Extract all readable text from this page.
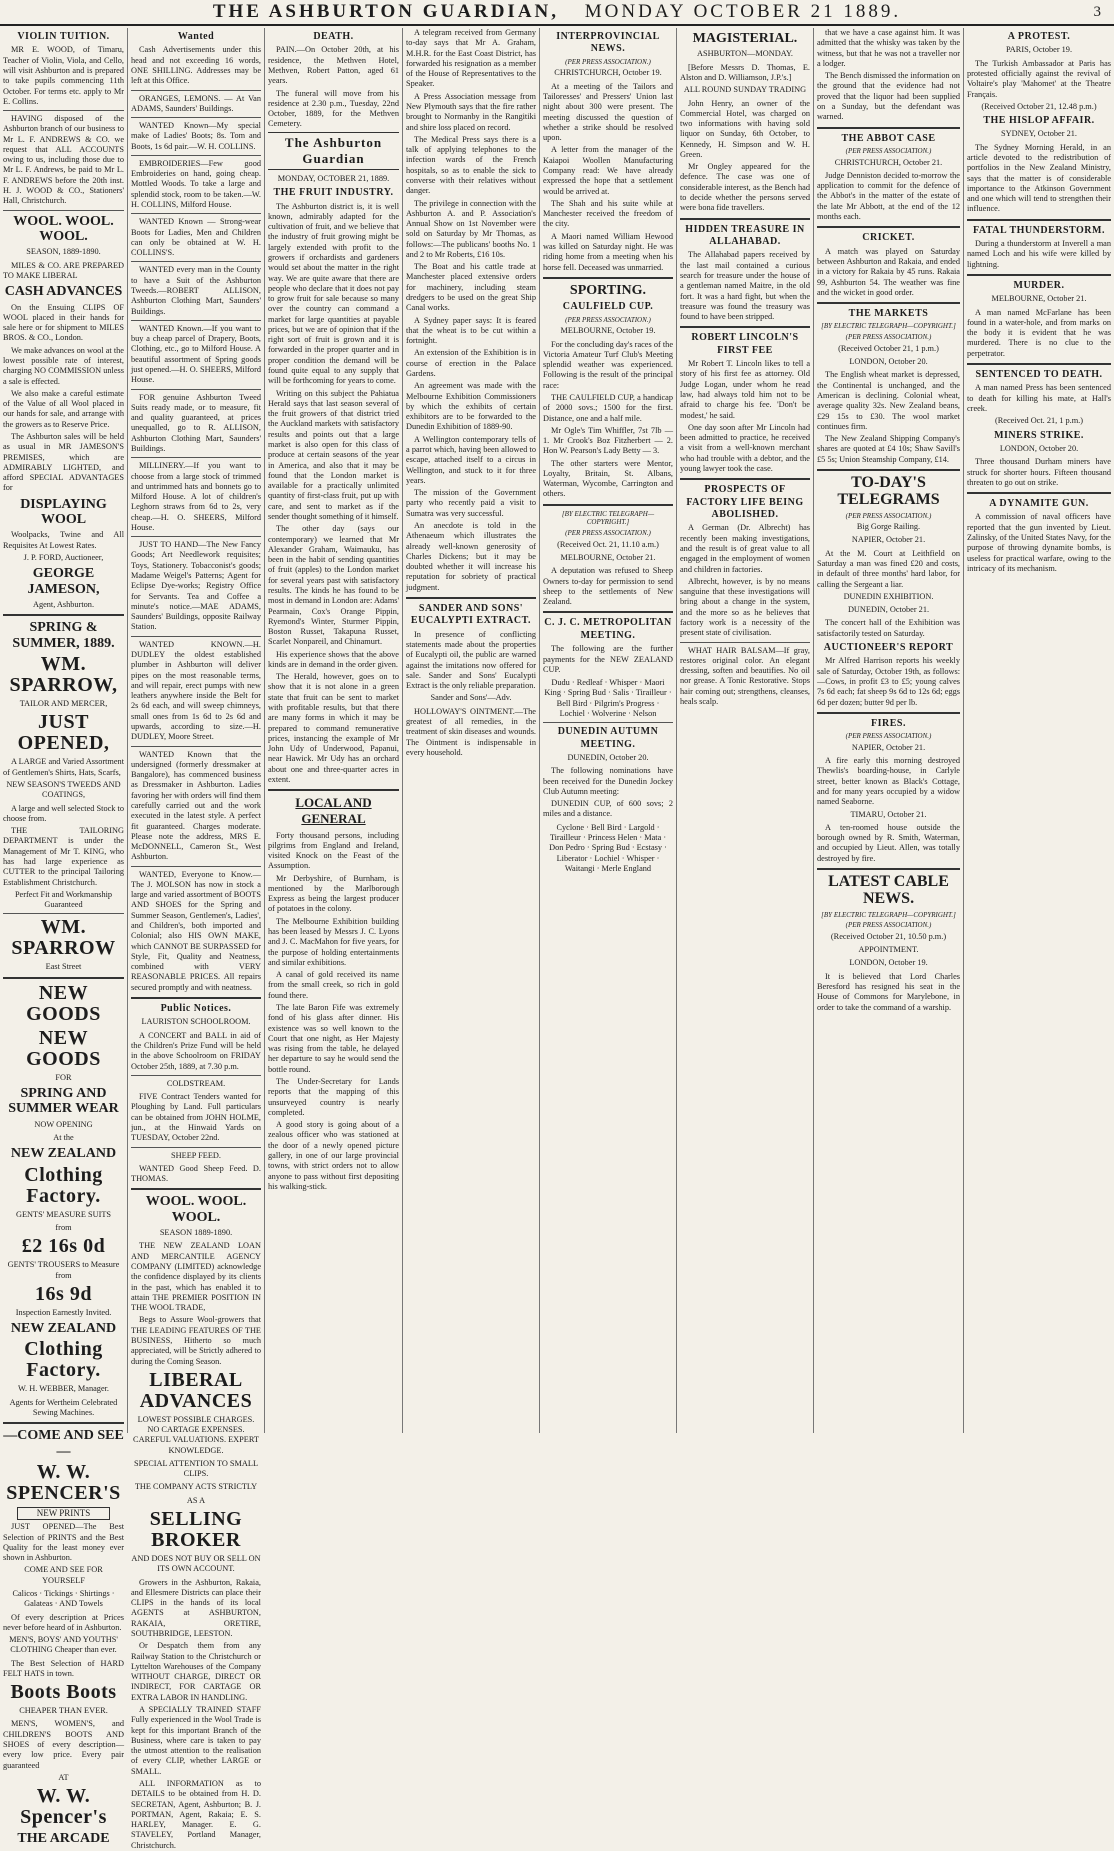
THE ASHBURTON GUARDIAN, MONDAY OCTOBER 21 1889.	3
VIOLIN TUITION.
MR E. WOOD, of Timaru, Teacher of Violin, Viola, and Cello, will visit Ashburton and is prepared to take pupils commencing 11th October. For terms etc. apply to Mr E. Collins.
HAVING disposed of the Ashburton branch of our business to Mr L. F. ANDREWS & CO. we request that ALL ACCOUNTS owing to us, including those due to Mr L. F. Andrews, be paid to Mr L. F. ANDREWS before the 20th inst. H. J. WOOD & CO., Stationers' Hall, Christchurch.
WOOL. WOOL. WOOL.
SEASON, 1889-1890.
MILES & CO. ARE PREPARED TO MAKE LIBERAL
CASH ADVANCES
On the Ensuing CLIPS OF WOOL placed in their hands for sale here or for shipment to MILES BROS. & CO., London.
We make advances on wool at the lowest possible rate of interest, charging NO COMMISSION unless a sale is effected.
We also make a careful estimate of the Value of all Wool placed in our hands for sale, and arrange with the growers as to Reserve Price.
The Ashburton sales will be held as usual in MR JAMESON'S PREMISES, which are ADMIRABLY LIGHTED, and afford SPECIAL ADVANTAGES for
DISPLAYING WOOL
Woolpacks, Twine and All Requisites At Lowest Rates.
J. P. FORD, Auctioneer,
GEORGE JAMESON,
Agent, Ashburton.
SPRING & SUMMER, 1889.
WM. SPARROW,
TAILOR AND MERCER,
JUST OPENED,
A LARGE and Varied Assortment of Gentlemen's Shirts, Hats, Scarfs,
NEW SEASON'S TWEEDS AND COATINGS,
A large and well selected Stock to choose from.
THE TAILORING DEPARTMENT is under the Management of Mr T. KING, who has had large experience as CUTTER to the principal Tailoring Establishment Christchurch.
Perfect Fit and Workmanship Guaranteed
WM. SPARROW
East Street
NEW GOODS
NEW GOODS
FOR
SPRING AND SUMMER WEAR
NOW OPENING
At the
NEW ZEALAND
Clothing Factory.
GENTS' MEASURE SUITS
from
£2 16s 0d
GENTS' TROUSERS to Measure from
16s 9d
Inspection Earnestly Invited.
NEW ZEALAND
Clothing Factory.
W. H. WEBBER, Manager.
Agents for Wertheim Celebrated Sewing Machines.
—COME AND SEE—
W. W. SPENCER'S
NEW PRINTS
JUST OPENED—The Best Selection of PRINTS and the Best Quality for the least money ever shown in Ashburton.
COME AND SEE FOR YOURSELF
Calicos · Tickings · Shirtings · Galateas · AND Towels
Of every description at Prices never before heard of in Ashburton.
MEN'S, BOYS' AND YOUTHS' CLOTHING Cheaper than ever.
The Best Selection of HARD FELT HATS in town.
Boots Boots
CHEAPER THAN EVER.
MEN'S, WOMEN'S, and CHILDREN'S BOOTS AND SHOES of every description—every low price. Every pair guaranteed
AT
W. W. Spencer's
THE ARCADE
Wanted
Cash Advertisements under this head and not exceeding 16 words, ONE SHILLING. Addresses may be left at this Office.
ORANGES, LEMONS. — At Van ADAMS, Saunders' Buildings.
WANTED Known—My special make of Ladies' Boots; 8s. Tom and Boots, 1s 6d pair.—W. H. COLLINS.
EMBROIDERIES—Few good Embroideries on hand, going cheap. Mottled Woods. To take a large and splendid stock, room to be taken.—W. H. COLLINS, Milford House.
WANTED Known — Strong-wear Boots for Ladies, Men and Children can only be obtained at W. H. COLLINS'S.
WANTED every man in the County to have a Suit of the Ashburton Tweeds.—ROBERT ALLISON, Ashburton Clothing Mart, Saunders' Buildings.
WANTED Known.—If you want to buy a cheap parcel of Drapery, Boots, Clothing, etc., go to Milford House. A beautiful assortment of Spring goods just opened.—H. O. SHEERS, Milford House.
FOR genuine Ashburton Tweed Suits ready made, or to measure, fit and quality guaranteed, at prices unequalled, go to R. ALLISON, Ashburton Clothing Mart, Saunders' Buildings.
MILLINERY.—If you want to choose from a large stock of trimmed and untrimmed hats and bonnets go to Milford House. A lot of children's Leghorn straws from 6d to 2s, very cheap.—H. O. SHEERS, Milford House.
JUST TO HAND—The New Fancy Goods; Art Needlework requisites; Toys, Stationery. Tobacconist's goods; Madame Weigel's Patterns; Agent for Eclipse Dye-works; Registry Office for Servants. Tea and Coffee a minute's notice.—MAE ADAMS, Saunders' Buildings, opposite Railway Station.
WANTED KNOWN.—H. DUDLEY the oldest established plumber in Ashburton will deliver pipes on the most reasonable terms, and will repair, erect pumps with new leathers anywhere inside the Belt for 2s 6d each, and will sweep chimneys, small ones from 1s 6d to 2s 6d and upwards, according to size.—H. DUDLEY, Moore Street.
WANTED Known that the undersigned (formerly dressmaker at Bangalore), has commenced business as Dressmaker in Ashburton. Ladies favoring her with orders will find them carefully carried out and the work executed in the latest style. A perfect fit guaranteed. Charges moderate. Please note the address, MRS E. McDONNELL, Cameron St., West Ashburton.
WANTED, Everyone to Know.—The J. MOLSON has now in stock a large and varied assortment of BOOTS AND SHOES for the Spring and Summer Season, Gentlemen's, Ladies', and Children's, both imported and Colonial; also HIS OWN MAKE, which CANNOT BE SURPASSED for Style, Fit, Quality and Neatness, combined with VERY REASONABLE PRICES. All repairs secured promptly and with neatness.
Public Notices.
LAURISTON SCHOOLROOM.
A CONCERT and BALL in aid of the Children's Prize Fund will be held in the above Schoolroom on FRIDAY October 25th, 1889, at 7.30 p.m.
COLDSTREAM.
FIVE Contract Tenders wanted for Ploughing by Land. Full particulars can be obtained from JOHN HOLME, jun., at the Hinwaid Yards on TUESDAY, October 22nd.
SHEEP FEED.
WANTED Good Sheep Feed. D. THOMAS.
WOOL. WOOL. WOOL.
SEASON 1889-1890.
THE NEW ZEALAND LOAN AND MERCANTILE AGENCY COMPANY (LIMITED) acknowledge the confidence displayed by its clients in the past, which has enabled it to attain THE PREMIER POSITION IN THE WOOL TRADE,
Begs to Assure Wool-growers that THE LEADING FEATURES OF THE BUSINESS, Hitherto so much appreciated, will be Strictly adhered to during the Coming Season.
LIBERAL ADVANCES
LOWEST POSSIBLE CHARGES. NO CARTAGE EXPENSES. CAREFUL VALUATIONS. EXPERT KNOWLEDGE.
SPECIAL ATTENTION TO SMALL CLIPS.
THE COMPANY ACTS STRICTLY
AS A
SELLING BROKER
AND DOES NOT BUY OR SELL ON ITS OWN ACCOUNT.
Growers in the Ashburton, Rakaia, and Ellesmere Districts can place their CLIPS in the hands of its local AGENTS at ASHBURTON, RAKAIA, ORETIRE, SOUTHBRIDGE, LEESTON.
Or Despatch them from any Railway Station to the Christchurch or Lyttelton Warehouses of the Company WITHOUT CHARGE, DIRECT OR INDIRECT, FOR CARTAGE OR EXTRA LABOR IN HANDLING.
A SPECIALLY TRAINED STAFF Fully experienced in the Wool Trade is kept for this important Branch of the Business, where care is taken to pay the utmost attention to the realisation of every CLIP, whether LARGE or SMALL.
ALL INFORMATION as to DETAILS to be obtained from H. D. SECRETAN, Agent, Ashburton; B. J. PORTMAN, Agent, Rakaia; E. S. HARLEY, Manager. E. G. STAVELEY, Portland Manager, Christchurch.
DEATH.
PAIN.—On October 20th, at his residence, the Methven Hotel, Methven, Robert Patton, aged 61 years.
The funeral will move from his residence at 2.30 p.m., Tuesday, 22nd October, 1889, for the Methven Cemetery.
The Ashburton Guardian
MONDAY, OCTOBER 21, 1889.
THE FRUIT INDUSTRY.
The Ashburton district is, it is well known, admirably adapted for the cultivation of fruit, and we believe that the industry of fruit growing might be largely extended with profit to the growers if orchardists and gardeners would set about the matter in the right way. We are quite aware that there are people who declare that it does not pay to grow fruit for sale because so many over the country can command a market for large quantities at payable prices, but we are of opinion that if the right sort of fruit is grown and it is forwarded in the proper quarter and in proper condition the demand will be found quite equal to any supply that will be forthcoming for years to come.
Writing on this subject the Pahiatua Herald says that last season several of the fruit growers of that district tried the Auckland markets with satisfactory results and points out that a large market is also open for this class of produce at certain seasons of the year in America, and also that it may be found that the London market is available for a practically unlimited quantity of first-class fruit, put up with care, and sent to market as if the sender thought something of it himself.
The other day (says our contemporary) we learned that Mr Alexander Graham, Waimauku, has been in the habit of sending quantities of fruit (apples) to the London market for several years past with satisfactory results. The kinds he has found to be most in demand in London are: Adams' Pearmain, Cox's Orange Pippin, Ryemond's Winter, Sturmer Pippin, Boston Russet, Takapuna Russet, Scarlet Nonpareil, and Chinamurt.
His experience shows that the above kinds are in demand in the order given.
The Herald, however, goes on to show that it is not alone in a green state that fruit can be sent to market with profitable results, but that there are many forms in which it may be prepared to command remunerative prices, instancing the example of Mr John Udy of Underwood, Papanui, near Hawick. Mr Udy has an orchard about one and three-quarter acres in extent.
LOCAL AND GENERAL
Forty thousand persons, including pilgrims from England and Ireland, visited Knock on the Feast of the Assumption.
Mr Derbyshire, of Burnham, is mentioned by the Marlborough Express as being the largest producer of potatoes in the colony.
The Melbourne Exhibition building has been leased by Messrs J. C. Lyons and J. C. MacMahon for five years, for the purpose of holding entertainments and similar exhibitions.
A canal of gold received its name from the small creek, so rich in gold found there.
The late Baron Fife was extremely fond of his glass after dinner. His existence was so well known to the Court that one night, as Her Majesty was rising from the table, he delayed her departure to say he would send the bottle round.
The Under-Secretary for Lands reports that the mapping of this unsurveyed country is nearly completed.
A good story is going about of a zealous officer who was stationed at the door of a newly opened picture gallery, in one of our large provincial towns, with strict orders not to allow anyone to pass without first depositing his walking-stick.
A telegram received from Germany to-day says that Mr A. Graham, M.H.R. for the East Coast District, has forwarded his resignation as a member of the House of Representatives to the Speaker.
A Press Association message from New Plymouth says that the fire rather brought to Normanby in the Rangitiki and shire loss placed on record.
The Medical Press says there is a talk of applying telephones to the infection wards of the French hospitals, so as to enable the sick to converse with their relatives without danger.
The privilege in connection with the Ashburton A. and P. Association's Annual Show on 1st November were sold on Saturday by Mr Thomas, as follows:—The publicans' booths No. 1 and 2 to Mr Roberts, £16 10s.
The Boat and his cattle trade at Manchester placed extensive orders for machinery, including steam dredgers to be used on the great Ship Canal works.
A Sydney paper says: It is feared that the wheat is to be cut within a fortnight.
An extension of the Exhibition is in course of erection in the Palace Gardens.
An agreement was made with the Melbourne Exhibition Commissioners by which the exhibits of certain exhibitors are to be forwarded to the Dunedin Exhibition of 1889-90.
A Wellington contemporary tells of a parrot which, having been allowed to escape, attached itself to a circus in Wellington, and stuck to it for three years.
The mission of the Government party who recently paid a visit to Sumatra was very successful.
An anecdote is told in the Athenaeum which illustrates the already well-known generosity of Charles Dickens; but it may be doubted whether it will increase his reputation for sobriety of practical judgment.
SANDER AND SONS' EUCALYPTI EXTRACT.
In presence of conflicting statements made about the properties of Eucalypti oil, the public are warned against the imitations now offered for sale. Sander and Sons' Eucalypti Extract is the only reliable preparation.
Sander and Sons'—Adv.
HOLLOWAY'S OINTMENT.—The greatest of all remedies, in the treatment of skin diseases and wounds. The Ointment is indispensable in every household.
INTERPROVINCIAL NEWS.
(PER PRESS ASSOCIATION.)
CHRISTCHURCH, October 19.
At a meeting of the Tailors and Tailoresses' and Pressers' Union last night about 300 were present. The meeting discussed the question of whether a strike should be resolved upon.
A letter from the manager of the Kaiapoi Woollen Manufacturing Company read: We have already expressed the hope that a settlement would be arrived at.
The Shah and his suite while at Manchester received the freedom of the city.
A Maori named William Hewood was killed on Saturday night. He was riding home from a meeting when his horse fell. Deceased was unmarried.
SPORTING.
CAULFIELD CUP.
(PER PRESS ASSOCIATION.)
MELBOURNE, October 19.
For the concluding day's races of the Victoria Amateur Turf Club's Meeting splendid weather was experienced. Following is the result of the principal race:
THE CAULFIELD CUP, a handicap of 2000 sovs.; 1500 for the first. Distance, one and a half mile.
Mr Ogle's Tim Whiffler, 7st 7lb — 1. Mr Crook's Boz Fitzherbert — 2. Hon W. Pearson's Lady Betty — 3.
The other starters were Mentor, Loyalty, Britain, St. Albans, Waterman, Wycombe, Carrington and others.
[BY ELECTRIC TELEGRAPH—COPYRIGHT.]
(PER PRESS ASSOCIATION.)
(Received Oct. 21, 11.10 a.m.)
MELBOURNE, October 21.
A deputation was refused to Sheep Owners to-day for permission to send sheep to the settlements of New Zealand.
C. J. C. METROPOLITAN MEETING.
The following are the further payments for the NEW ZEALAND CUP.
Dudu · Redleaf · Whisper · Maori King · Spring Bud · Salis · Tirailleur · Bell Bird · Pilgrim's Progress · Lochiel · Wolverine · Nelson
DUNEDIN AUTUMN MEETING.
DUNEDIN, October 20.
The following nominations have been received for the Dunedin Jockey Club Autumn meeting:
DUNEDIN CUP, of 600 sovs; 2 miles and a distance.
Cyclone · Bell Bird · Largold · Tirailleur · Princess Helen · Mata · Don Pedro · Spring Bud · Ecstasy · Liberator · Lochiel · Whisper · Waitangi · Merle England
MAGISTERIAL.
ASHBURTON—MONDAY.
[Before Messrs D. Thomas, E. Alston and D. Williamson, J.P.'s.]
ALL ROUND SUNDAY TRADING
John Henry, an owner of the Commercial Hotel, was charged on two informations with having sold liquor on Sunday, 6th October, to Kennedy, H. Simpson and W. H. Green.
Mr Ongley appeared for the defence. The case was one of considerable interest, as the Bench had to decide whether the persons served were bona fide travellers.
HIDDEN TREASURE IN ALLAHABAD.
The Allahabad papers received by the last mail contained a curious search for treasure under the house of a gentleman named Maitre, in the old fort. It was a hard fight, but when the treasure was found the treasury was found to have been stripped.
ROBERT LINCOLN'S FIRST FEE
Mr Robert T. Lincoln likes to tell a story of his first fee as attorney. Old Judge Logan, under whom he read law, had always told him not to be afraid to charge his fee. 'Don't be modest,' he said.
One day soon after Mr Lincoln had been admitted to practice, he received a visit from a well-known merchant who had trouble with a debtor, and the young lawyer took the case.
PROSPECTS OF FACTORY LIFE BEING ABOLISHED.
A German (Dr. Albrecht) has recently been making investigations, and the result is of great value to all engaged in the employment of women and children in factories.
Albrecht, however, is by no means sanguine that these investigations will bring about a change in the system, and the more so as he believes that factory work is a necessity of the present state of civilisation.
WHAT HAIR BALSAM—If gray, restores original color. An elegant dressing, soften and beautifies. No oil nor grease. A Tonic Restorative. Stops hair coming out; strengthens, cleanses, heals scalp.
that we have a case against him. It was admitted that the whisky was taken by the witness, but that he was not a traveller nor a lodger.
The Bench dismissed the information on the ground that the evidence had not proved that the liquor had been supplied on a Sunday, but the defendant was warned.
THE ABBOT CASE
(PER PRESS ASSOCIATION.)
CHRISTCHURCH, October 21.
Judge Denniston decided to-morrow the application to commit for the defence of the Abbot's in the matter of the estate of the late Mr Abbott, at the end of the 12 months each.
CRICKET.
A match was played on Saturday between Ashburton and Rakaia, and ended in a victory for Rakaia by 45 runs. Rakaia 99, Ashburton 54. The weather was fine and the wicket in good order.
THE MARKETS
[BY ELECTRIC TELEGRAPH—COPYRIGHT.]
(PER PRESS ASSOCIATION.)
(Received October 21, 1 p.m.)
LONDON, October 20.
The English wheat market is depressed, the Continental is unchanged, and the American is declining. Colonial wheat, average quality 32s. New Zealand beans, £29 15s to £30. The wool market continues firm.
The New Zealand Shipping Company's shares are quoted at £4 10s; Shaw Savill's £5 5s; Union Steamship Company, £14.
TO-DAY'S TELEGRAMS
(PER PRESS ASSOCIATION.)
Big Gorge Railing.
NAPIER, October 21.
At the M. Court at Leithfield on Saturday a man was fined £20 and costs, in default of three months' hard labor, for calling the Sergeant a liar.
DUNEDIN EXHIBITION.
DUNEDIN, October 21.
The concert hall of the Exhibition was satisfactorily tested on Saturday.
AUCTIONEER'S REPORT
Mr Alfred Harrison reports his weekly sale of Saturday, October 19th, as follows:—Cows, in profit £3 to £5; young calves 7s 6d each; fat sheep 9s 6d to 12s 6d; eggs 6d per dozen; butter 9d per lb.
FIRES.
(PER PRESS ASSOCIATION.)
NAPIER, October 21.
A fire early this morning destroyed Thewlis's boarding-house, in Carlyle street, better known as Black's Cottage, and for many years occupied by a widow named Seaborne.
TIMARU, October 21.
A ten-roomed house outside the borough owned by R. Smith, Waterman, and occupied by Lieut. Allen, was totally destroyed by fire.
LATEST CABLE NEWS.
[BY ELECTRIC TELEGRAPH—COPYRIGHT.]
(PER PRESS ASSOCIATION.)
(Received October 21, 10.50 p.m.)
APPOINTMENT.
LONDON, October 19.
It is believed that Lord Charles Beresford has resigned his seat in the House of Commons for Marylebone, in order to take the command of a warship.
A PROTEST.
PARIS, October 19.
The Turkish Ambassador at Paris has protested officially against the revival of Voltaire's play 'Mahomet' at the Theatre Français.
(Received October 21, 12.48 p.m.)
THE HISLOP AFFAIR.
SYDNEY, October 21.
The Sydney Morning Herald, in an article devoted to the redistribution of portfolios in the New Zealand Ministry, says that the matter is of considerable importance to the Atkinson Government and one which will tend to strengthen their influence.
FATAL THUNDERSTORM.
During a thunderstorm at Inverell a man named Loch and his wife were killed by lightning.
MURDER.
MELBOURNE, October 21.
A man named McFarlane has been found in a water-hole, and from marks on the body it is evident that he was murdered. There is no clue to the perpetrator.
SENTENCED TO DEATH.
A man named Press has been sentenced to death for killing his mate, at Hall's creek.
(Received Oct. 21, 1 p.m.)
MINERS STRIKE.
LONDON, October 20.
Three thousand Durham miners have struck for shorter hours. Fifteen thousand threaten to go out on strike.
A DYNAMITE GUN.
A commission of naval officers have reported that the gun invented by Lieut. Zalinsky, of the United States Navy, for the purpose of throwing dynamite bombs, is useless for practical warfare, owing to the intricacy of its mechanism.
